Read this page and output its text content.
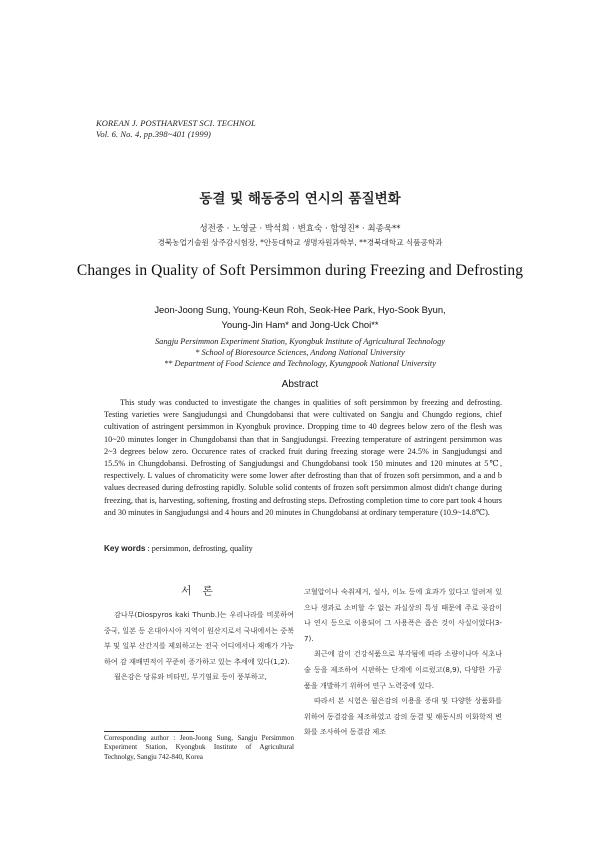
KOREAN J. POSTHARVEST SCI. TECHNOL
Vol. 6. No. 4, pp.398~401 (1999)
동결 및 해동중의 연시의 품질변화
성전중 · 노영균 · 박석희 · 변효숙 · 함영진* · 최종욱**
경북농업기술원 상주감시험장, *안동대학교 생명자원과학부, **경북대학교 식품공학과
Changes in Quality of Soft Persimmon during Freezing and Defrosting
Jeon-Joong Sung, Young-Keun Roh, Seok-Hee Park, Hyo-Sook Byun,
Young-Jin Ham* and Jong-Uck Choi**
Sangju Persimmon Experiment Station, Kyongbuk Institute of Agricultural Technology
* School of Bioresource Sciences, Andong National University
** Department of Food Science and Technology, Kyungpook National University
Abstract
This study was conducted to investigate the changes in qualities of soft persimmon by freezing and defrosting. Testing varieties were Sangjudungsi and Chungdobansi that were cultivated on Sangju and Chungdo regions, chief cultivation of astringent persimmon in Kyongbuk province. Dropping time to 40 degrees below zero of the flesh was 10~20 minutes longer in Chungdobansi than that in Sangjudungsi. Freezing temperature of astringent persimmon was 2~3 degrees below zero. Occurence rates of cracked fruit during freezing storage were 24.5% in Sangjudungsi and 15.5% in Chungdobansi. Defrosting of Sangjudungsi and Chungdobansi took 150 minutes and 120 minutes at 5℃, respectively. L values of chromaticity were some lower after defrosting than that of frozen soft persimmon, and a and b values decreased during defrosting rapidly. Soluble solid contents of frozen soft persimmon almost didn't change during freezing, that is, harvesting, softening, frosting and defrosting steps. Defrosting completion time to core part took 4 hours and 30 minutes in Sangjudungsi and 4 hours and 20 minutes in Chungdobansi at ordinary temperature (10.9~14.8℃).
Key words : persimmon, defrosting, quality
서 론

감나무(Diospyros kaki Thunb.)는 우리나라를 비롯하여 중국, 일본 등 온대아시아 지역이 원산지로서 국내에서는 중북부 및 일부 산간지를 제외하고는 전국 어디에서나 재배가 가능하여 감 재배면적이 꾸준히 증가하고 있는 추세에 있다(1,2).

월은감은 당류와 비타민, 무기염료 등이 풍부하고,

고혈압이나 숙취제거, 설사, 이뇨 등에 효과가 있다고 알려져 있으나 생과로 소비할 수 없는 과실상의 특성 때문에 주로 곶감이나 연시 등으로 이용되어 그 사용폭은 좁은 것이 사실이었다(3-7).

최근에 감이 건강식품으로 부각됨에 따라 소량이나마 식초나 술 등을 제조하여 시판하는 단계에 이르렀고(8,9), 다양한 가공품을 개발하기 위하여 연구 노력중에 있다.

따라서 본 시험은 월은감의 이용을 증대 및 다양한 상품화를 위하여 동결감을 제조하였고 감의 동결 및 해동시의 이화학적 변화를 조사하여 동결감 제조

Corresponding author : Jeon-Joong Sung, Sangju Persimmon Experiment Station, Kyongbuk Institute of Agricultural Technolgy, Sangju 742-840, Korea
